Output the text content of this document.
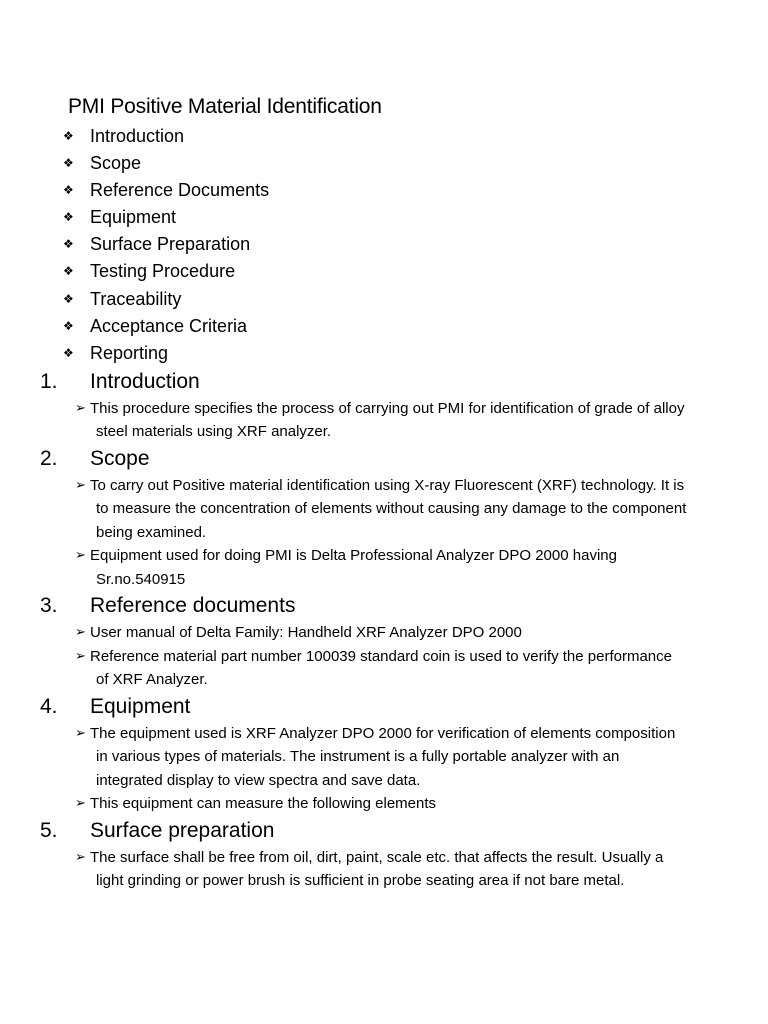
PMI Positive Material Identification
❖ Introduction
❖ Scope
❖ Reference Documents
❖ Equipment
❖ Surface Preparation
❖ Testing Procedure
❖ Traceability
❖ Acceptance Criteria
❖ Reporting
1. Introduction
➢ This procedure specifies the process of carrying out PMI for identification of grade of alloy steel materials using XRF analyzer.
2. Scope
➢ To carry out Positive material identification using X-ray Fluorescent (XRF) technology. It is to measure the concentration of elements without causing any damage to the component being examined.
➢ Equipment used for doing PMI is Delta Professional Analyzer DPO 2000 having Sr.no.540915
3. Reference documents
➢ User manual of Delta Family: Handheld XRF Analyzer DPO 2000
➢ Reference material part number 100039 standard coin is used to verify the performance of XRF Analyzer.
4. Equipment
➢ The equipment used is XRF Analyzer DPO 2000 for verification of elements composition in various types of materials. The instrument is a fully portable analyzer with an integrated display to view spectra and save data.
➢ This equipment can measure the following elements
5. Surface preparation
➢ The surface shall be free from oil, dirt, paint, scale etc. that affects the result. Usually a light grinding or power brush is sufficient in probe seating area if not bare metal.
